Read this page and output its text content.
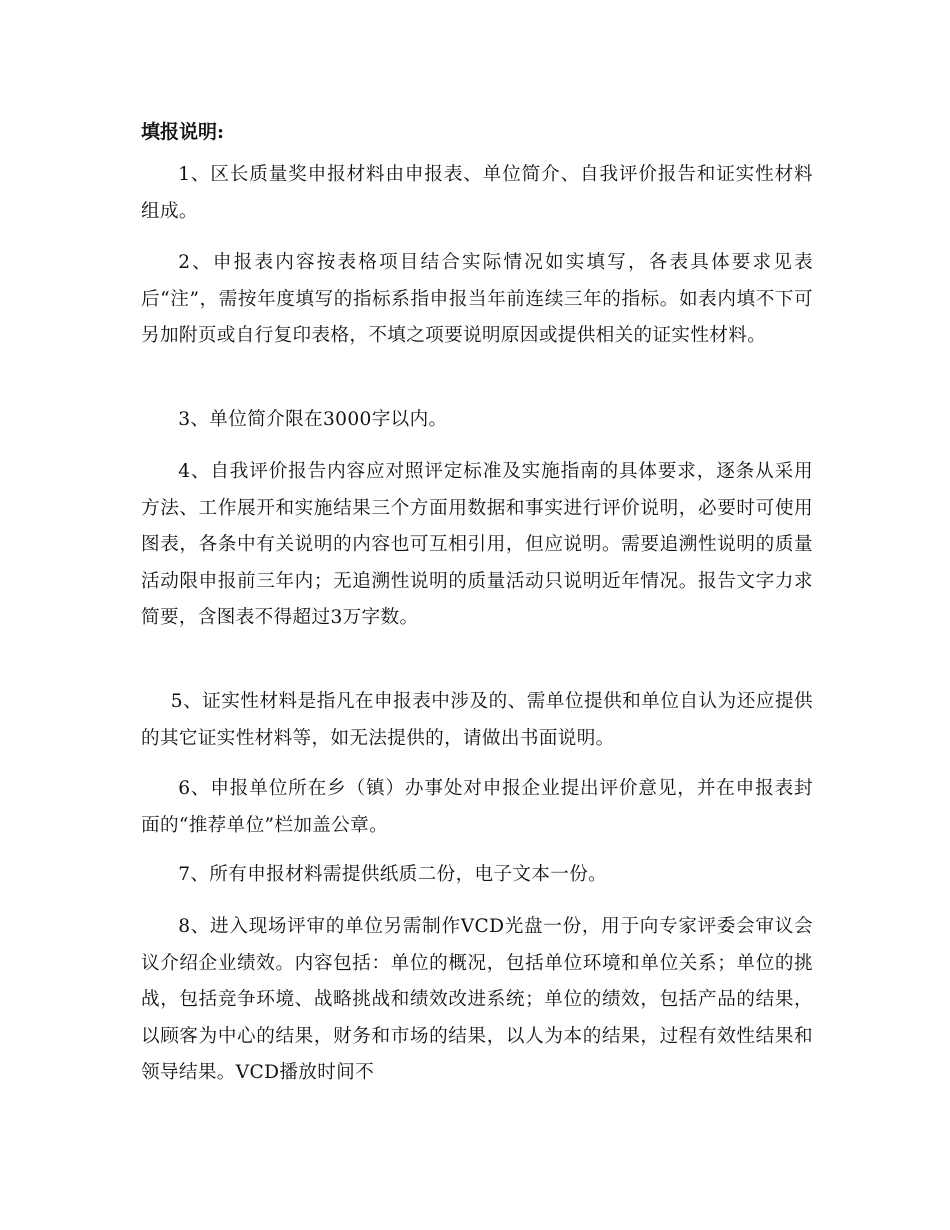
填报说明:

1、区长质量奖申报材料由申报表、单位简介、自我评价报告和证实性材料组成。

2、申报表内容按表格项目结合实际情况如实填写，各表具体要求见表后“注”，需按年度填写的指标系指申报当年前连续三年的指标。如表内填不下可另加附页或自行复印表格，不填之项要说明原因或提供相关的证实性材料。

3、单位简介限在3000字以内。

4、自我评价报告内容应对照评定标准及实施指南的具体要求，逐条从采用方法、工作展开和实施结果三个方面用数据和事实进行评价说明，必要时可使用图表，各条中有关说明的内容也可互相引用，但应说明。需要追溯性说明的质量活动限申报前三年内；无追溯性说明的质量活动只说明近年情况。报告文字力求简要，含图表不得超过3万字数。

5、证实性材料是指凡在申报表中涉及的、需单位提供和单位自认为还应提供的其它证实性材料等，如无法提供的，请做出书面说明。

6、申报单位所在乡（镇）办事处对申报企业提出评价意见，并在申报表封面的“推荐单位”栏加盖公章。

7、所有申报材料需提供纸质二份，电子文本一份。

8、进入现场评审的单位另需制作VCD光盘一份，用于向专家评委会审议会议介绍企业绩效。内容包括：单位的概况，包括单位环境和单位关系；单位的挑战，包括竞争环境、战略挑战和绩效改进系统；单位的绩效，包括产品的结果，以顾客为中心的结果，财务和市场的结果，以人为本的结果，过程有效性结果和领导结果。VCD播放时间不
